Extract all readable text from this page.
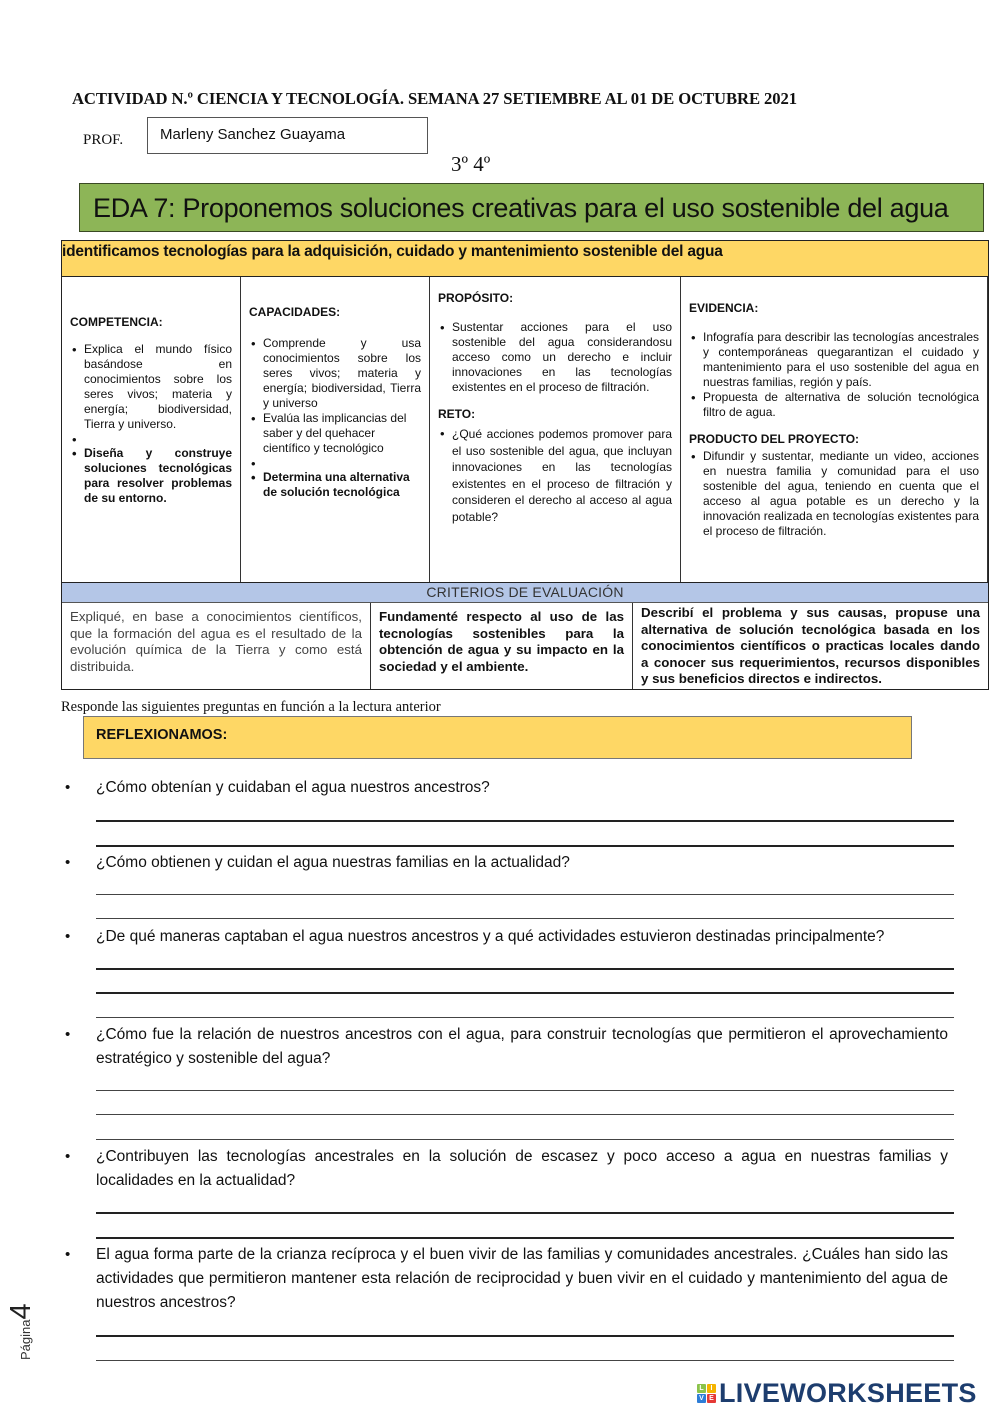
ACTIVIDAD N.º CIENCIA Y TECNOLOGÍA. SEMANA 27 SETIEMBRE AL 01 DE OCTUBRE 2021
PROF.	Marleny Sanchez Guayama
3º 4º
EDA 7: Proponemos soluciones creativas para el uso sostenible del agua
identificamos tecnologías para la adquisición, cuidado y mantenimiento sostenible del agua
COMPETENCIA:
• Explica el mundo físico basándose en conocimientos sobre los seres vivos; materia y energía; biodiversidad, Tierra y universo.
•
• Diseña y construye soluciones tecnológicas para resolver problemas de su entorno.
CAPACIDADES:
• Comprende y usa conocimientos sobre los seres vivos; materia y energía; biodiversidad, Tierra y universo
• Evalúa las implicancias del saber y del quehacer científico y tecnológico
•
• Determina una alternativa de solución tecnológica
PROPÓSITO:
• Sustentar acciones para el uso sostenible del agua considerandosu acceso como un derecho e incluir innovaciones en las tecnologías existentes en el proceso de filtración.
RETO:
• ¿Qué acciones podemos promover para el uso sostenible del agua, que incluyan innovaciones en las tecnologías existentes en el proceso de filtración y consideren el derecho al acceso al agua potable?
EVIDENCIA:
• Infografía para describir las tecnologías ancestrales y contemporáneas quegarantizan el cuidado y mantenimiento para el uso sostenible del agua en nuestras familias, región y país.
• Propuesta de alternativa de solución tecnológica filtro de agua.
PRODUCTO DEL PROYECTO:
• Difundir y sustentar, mediante un video, acciones en nuestra familia y comunidad para el uso sostenible del agua, teniendo en cuenta que el acceso al agua potable es un derecho y la innovación realizada en tecnologías existentes para el proceso de filtración.
CRITERIOS DE EVALUACIÓN
Expliqué, en base a conocimientos científicos, que la formación del agua es el resultado de la evolución química de la Tierra y como está distribuida.
Fundamenté respecto al uso de las tecnologías sostenibles para la obtención de agua y su impacto en la sociedad y el ambiente.
Describí el problema y sus causas, propuse una alternativa de solución tecnológica basada en los conocimientos científicos o practicas locales dando a conocer sus requerimientos, recursos disponibles y sus beneficios directos e indirectos.
Responde las siguientes preguntas en función a la lectura anterior
REFLEXIONAMOS:
• ¿Cómo obtenían y cuidaban el agua nuestros ancestros?
• ¿Cómo obtienen y cuidan el agua nuestras familias en la actualidad?
• ¿De qué maneras captaban el agua nuestros ancestros y a qué actividades estuvieron destinadas principalmente?
• ¿Cómo fue la relación de nuestros ancestros con el agua, para construir tecnologías que permitieron el aprovechamiento estratégico y sostenible del agua?
• ¿Contribuyen las tecnologías ancestrales en la solución de escasez y poco acceso a agua en nuestras familias y localidades en la actualidad?
• El agua forma parte de la crianza recíproca y el buen vivir de las familias y comunidades ancestrales. ¿Cuáles han sido las actividades que permitieron mantener esta relación de reciprocidad y buen vivir en el cuidado y mantenimiento del agua de nuestros ancestros?
Página4
L I
V E LIVEWORKSHEETS
